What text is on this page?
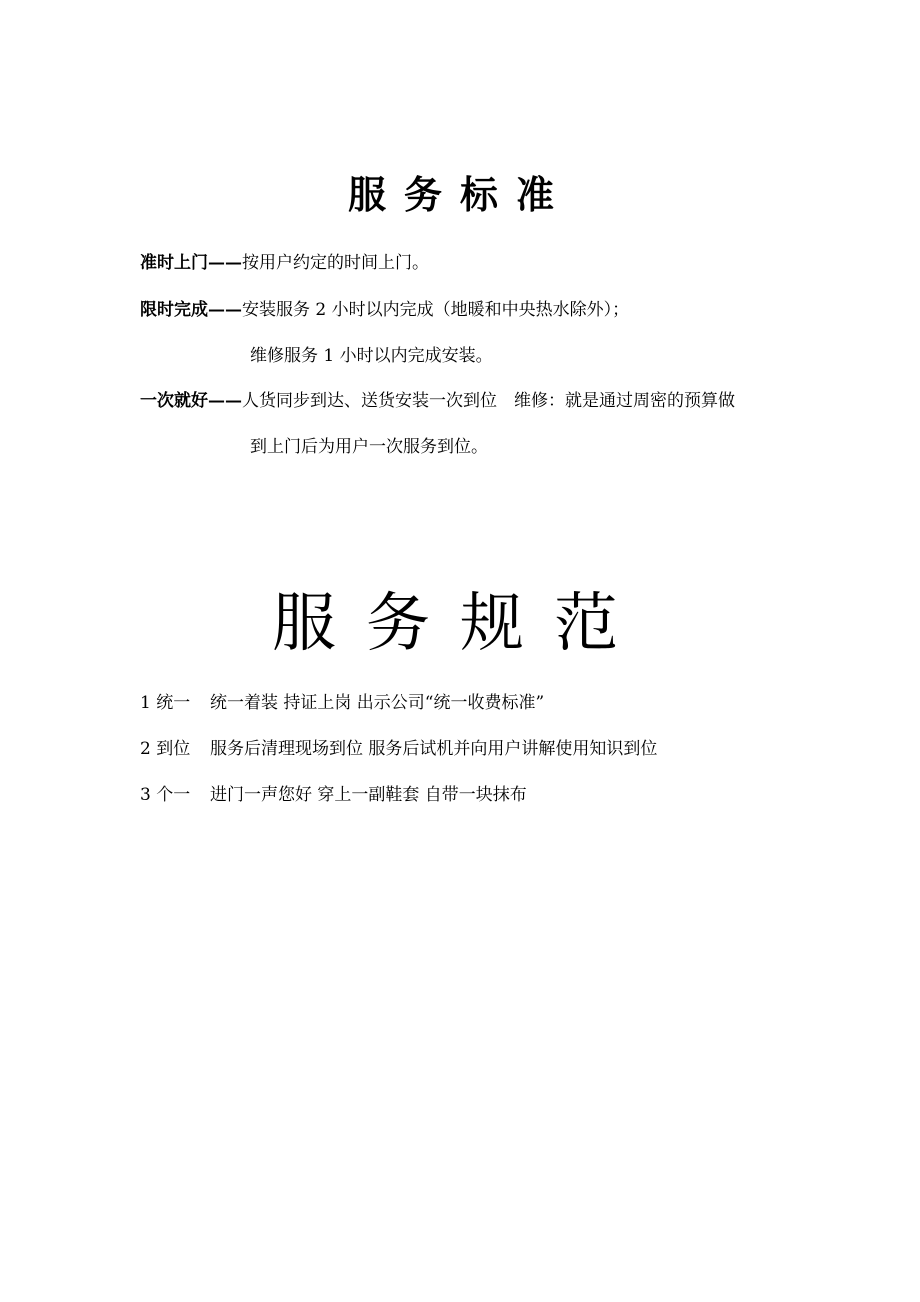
服务标准
准时上门——按用户约定的时间上门。
限时完成——安装服务 2 小时以内完成（地暖和中央热水除外）；
维修服务 1 小时以内完成安装。
一次就好——人货同步到达、送货安装一次到位　维修：就是通过周密的预算做
到上门后为用户一次服务到位。
服务规范
1 统一 统一着装 持证上岗 出示公司“统一收费标准”
2 到位 服务后清理现场到位 服务后试机并向用户讲解使用知识到位
3 个一 进门一声您好 穿上一副鞋套 自带一块抹布
